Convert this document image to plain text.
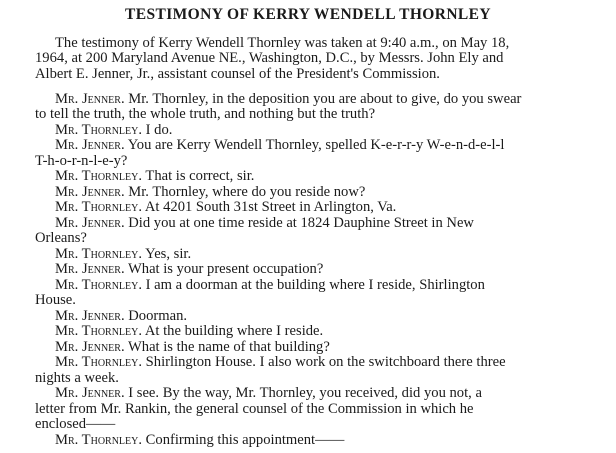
TESTIMONY OF KERRY WENDELL THORNLEY
The testimony of Kerry Wendell Thornley was taken at 9:40 a.m., on May 18,
1964, at 200 Maryland Avenue NE., Washington, D.C., by Messrs. John Ely and
Albert E. Jenner, Jr., assistant counsel of the President's Commission.
Mr. Jenner. Mr. Thornley, in the deposition you are about to give, do you swear
to tell the truth, the whole truth, and nothing but the truth?
Mr. Thornley. I do.
Mr. Jenner. You are Kerry Wendell Thornley, spelled K-e-r-r-y W-e-n-d-e-l-l
T-h-o-r-n-l-e-y?
Mr. Thornley. That is correct, sir.
Mr. Jenner. Mr. Thornley, where do you reside now?
Mr. Thornley. At 4201 South 31st Street in Arlington, Va.
Mr. Jenner. Did you at one time reside at 1824 Dauphine Street in New
Orleans?
Mr. Thornley. Yes, sir.
Mr. Jenner. What is your present occupation?
Mr. Thornley. I am a doorman at the building where I reside, Shirlington
House.
Mr. Jenner. Doorman.
Mr. Thornley. At the building where I reside.
Mr. Jenner. What is the name of that building?
Mr. Thornley. Shirlington House. I also work on the switchboard there three
nights a week.
Mr. Jenner. I see. By the way, Mr. Thornley, you received, did you not, a
letter from Mr. Rankin, the general counsel of the Commission in which he
enclosed——
Mr. Thornley. Confirming this appointment——
